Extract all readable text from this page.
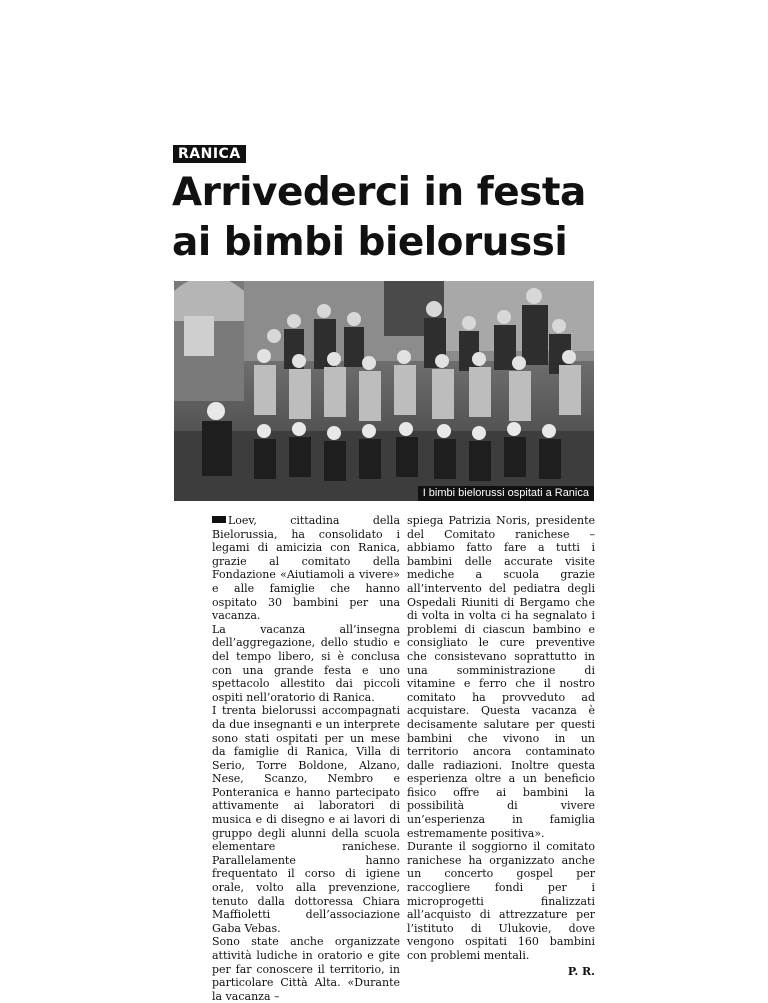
RANICA
Arrivederci in festa ai bimbi bielorussi
I bimbi bielorussi ospitati a Ranica

Loev, cittadina della Bielorussia, ha consolidato i legami di amicizia con Ranica, grazie al comitato della Fondazione «Aiutiamoli a vivere» e alle famiglie che hanno ospitato 30 bambini per una vacanza.

La vacanza all’insegna dell’aggregazione, dello studio e del tempo libero, si è conclusa con una grande festa e uno spettacolo allestito dai piccoli ospiti nell’oratorio di Ranica.

I trenta bielorussi accompagnati da due insegnanti e un interprete sono stati ospitati per un mese da famiglie di Ranica, Villa di Serio, Torre Boldone, Alzano, Nese, Scanzo, Nembro e Ponteranica e hanno partecipato attivamente ai laboratori di musica e di disegno e ai lavori di gruppo degli alunni della scuola elementare ranichese. Parallelamente hanno frequentato il corso di igiene orale, volto alla prevenzione, tenuto dalla dottoressa Chiara Maffioletti dell’associazione Gaba Vebas.

Sono state anche organizzate attività ludiche in oratorio e gite per far conoscere il territorio, in particolare Città Alta. «Durante la vacanza –

spiega Patrizia Noris, presidente del Comitato ranichese – abbiamo fatto fare a tutti i bambini delle accurate visite mediche a scuola grazie all’intervento del pediatra degli Ospedali Riuniti di Bergamo che di volta in volta ci ha segnalato i problemi di ciascun bambino e consigliato le cure preventive che consistevano soprattutto in una somministrazione di vitamine e ferro che il nostro comitato ha provveduto ad acquistare. Questa vacanza è decisamente salutare per questi bambini che vivono in un territorio ancora contaminato dalle radiazioni. Inoltre questa esperienza oltre a un beneficio fisico offre ai bambini la possibilità di vivere un’esperienza in famiglia estremamente positiva».

Durante il soggiorno il comitato ranichese ha organizzato anche un concerto gospel per raccogliere fondi per i microprogetti finalizzati all’acquisto di attrezzature per l’istituto di Ulukovie, dove vengono ospitati 160 bambini con problemi mentali.

P. R.
